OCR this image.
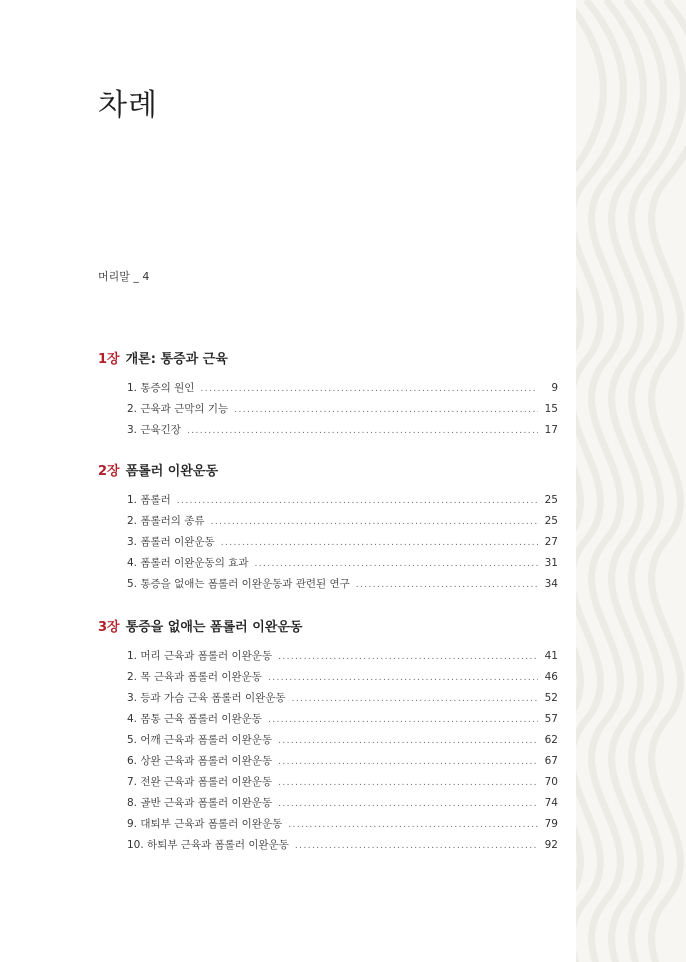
차례
머리말 _ 4
1장 개론: 통증과 근육
1. 통증의 원인 .....	9
2. 근육과 근막의 기능 .....	15
3. 근육긴장 .....	17
2장 폼롤러 이완운동
1. 폼롤러 .....	25
2. 폼롤러의 종류 .....	25
3. 폼롤러 이완운동 .....	27
4. 폼롤러 이완운동의 효과 .....	31
5. 통증을 없애는 폼롤러 이완운동과 관련된 연구 .....	34
3장 통증을 없애는 폼롤러 이완운동
1. 머리 근육과 폼롤러 이완운동 .....	41
2. 목 근육과 폼롤러 이완운동 .....	46
3. 등과 가슴 근육 폼롤러 이완운동 .....	52
4. 몸통 근육 폼롤러 이완운동 .....	57
5. 어깨 근육과 폼롤러 이완운동 .....	62
6. 상완 근육과 폼롤러 이완운동 .....	67
7. 전완 근육과 폼롤러 이완운동 .....	70
8. 골반 근육과 폼롤러 이완운동 .....	74
9. 대퇴부 근육과 폼롤러 이완운동 .....	79
10. 하퇴부 근육과 폼롤러 이완운동 .....	92
